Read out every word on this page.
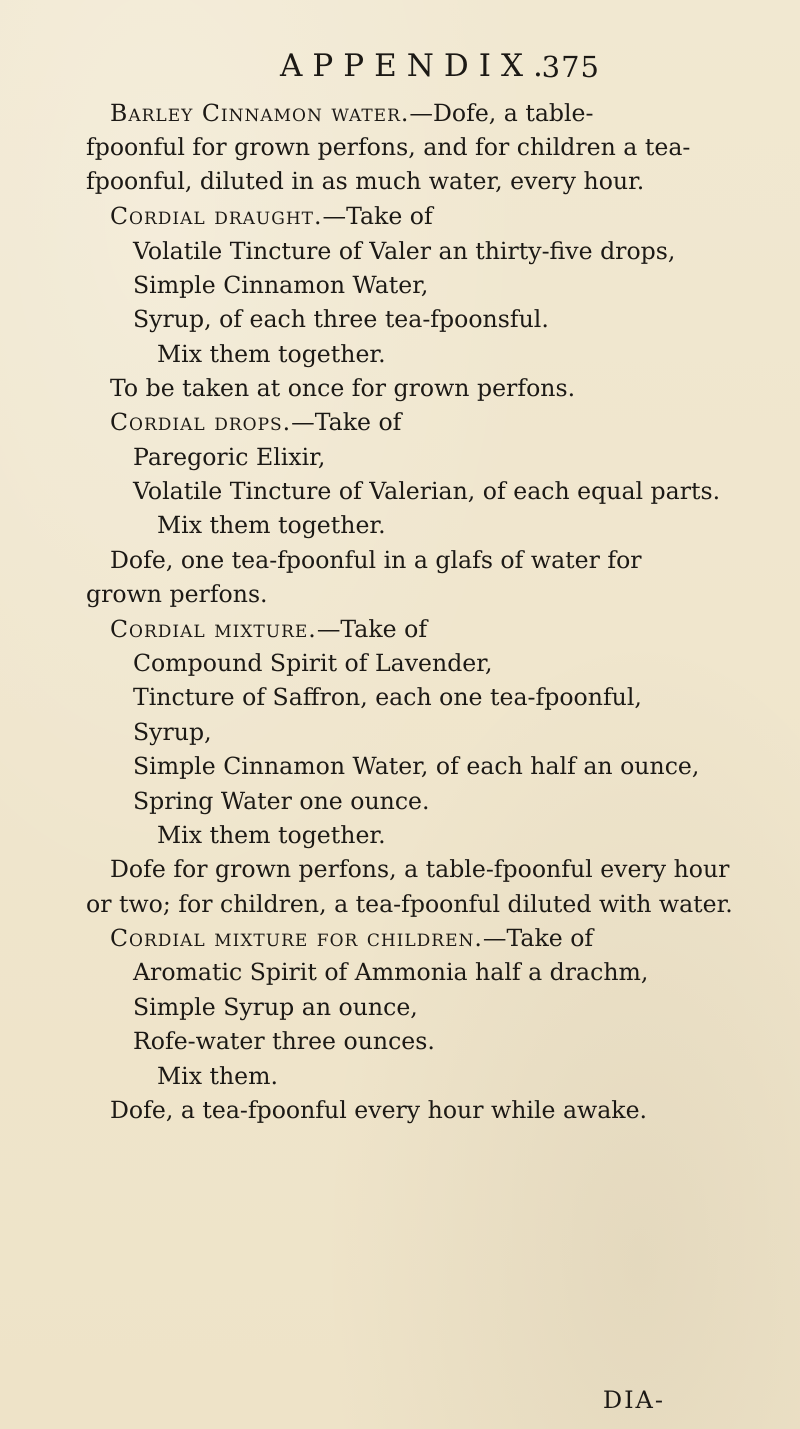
APPENDIX.
375
Barley Cinnamon water.—Dofe, a table-
fpoonful for grown perfons, and for children a tea-
fpoonful, diluted in as much water, every hour.
Cordial draught.—Take of
Volatile Tincture of Valer an thirty-five drops,
Simple Cinnamon Water,
Syrup, of each three tea-fpoonsful.
Mix them together.
To be taken at once for grown perfons.
Cordial drops.—Take of
Paregoric Elixir,
Volatile Tincture of Valerian, of each equal parts.
Mix them together.
Dofe, one tea-fpoonful in a glafs of water for
grown perfons.
Cordial mixture.—Take of
Compound Spirit of Lavender,
Tincture of Saffron, each one tea-fpoonful,
Syrup,
Simple Cinnamon Water, of each half an ounce,
Spring Water one ounce.
Mix them together.
Dofe for grown perfons, a table-fpoonful every hour
or two; for children, a tea-fpoonful diluted with water.
Cordial mixture for children.—Take of
Aromatic Spirit of Ammonia half a drachm,
Simple Syrup an ounce,
Rofe-water three ounces.
Mix them.
Dofe, a tea-fpoonful every hour while awake.
DIA-
